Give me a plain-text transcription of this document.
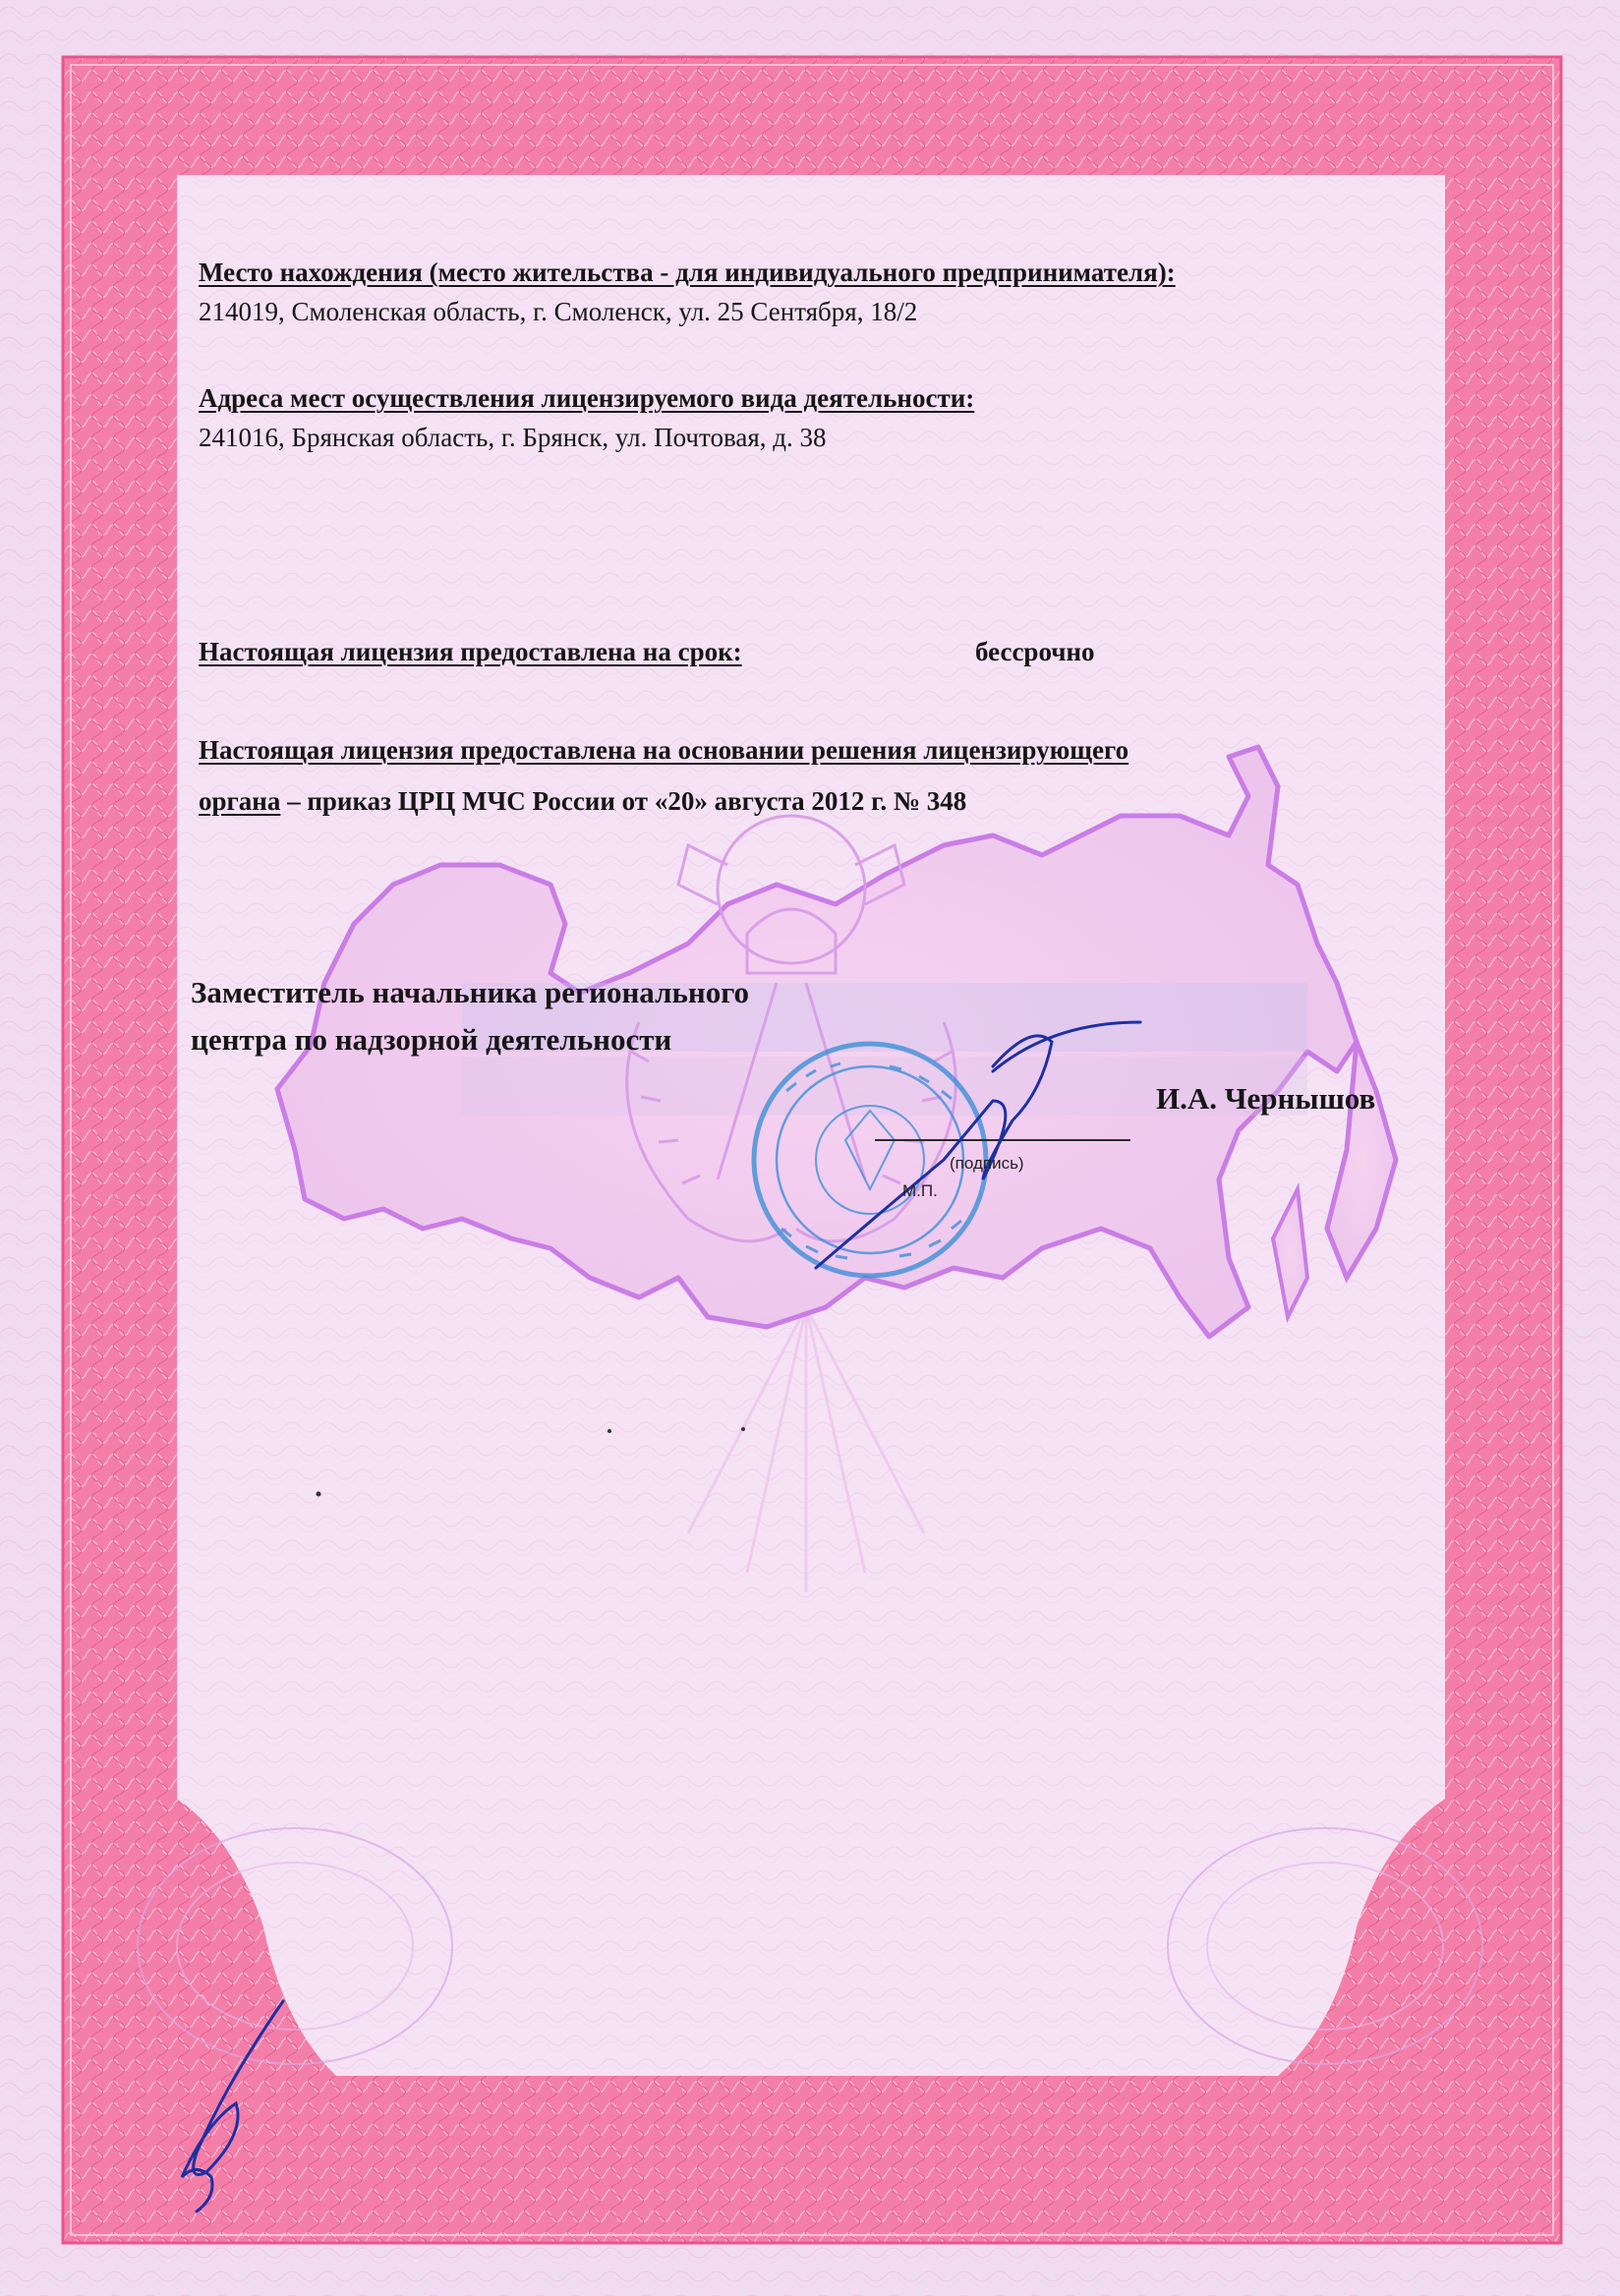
Место нахождения (место жительства - для индивидуального предпринимателя):
214019, Смоленская область, г. Смоленск, ул. 25 Сентября, 18/2
Адреса мест осуществления лицензируемого вида деятельности:
241016, Брянская область, г. Брянск, ул. Почтовая, д. 38
Настоящая лицензия предоставлена на срок:	бессрочно
Настоящая лицензия предоставлена на основании решения лицензирующего
органа – приказ ЦРЦ МЧС России от «20» августа 2012 г. № 348
Заместитель начальника регионального
центра по надзорной деятельности
И.А. Чернышов
(подпись)
М.П.
